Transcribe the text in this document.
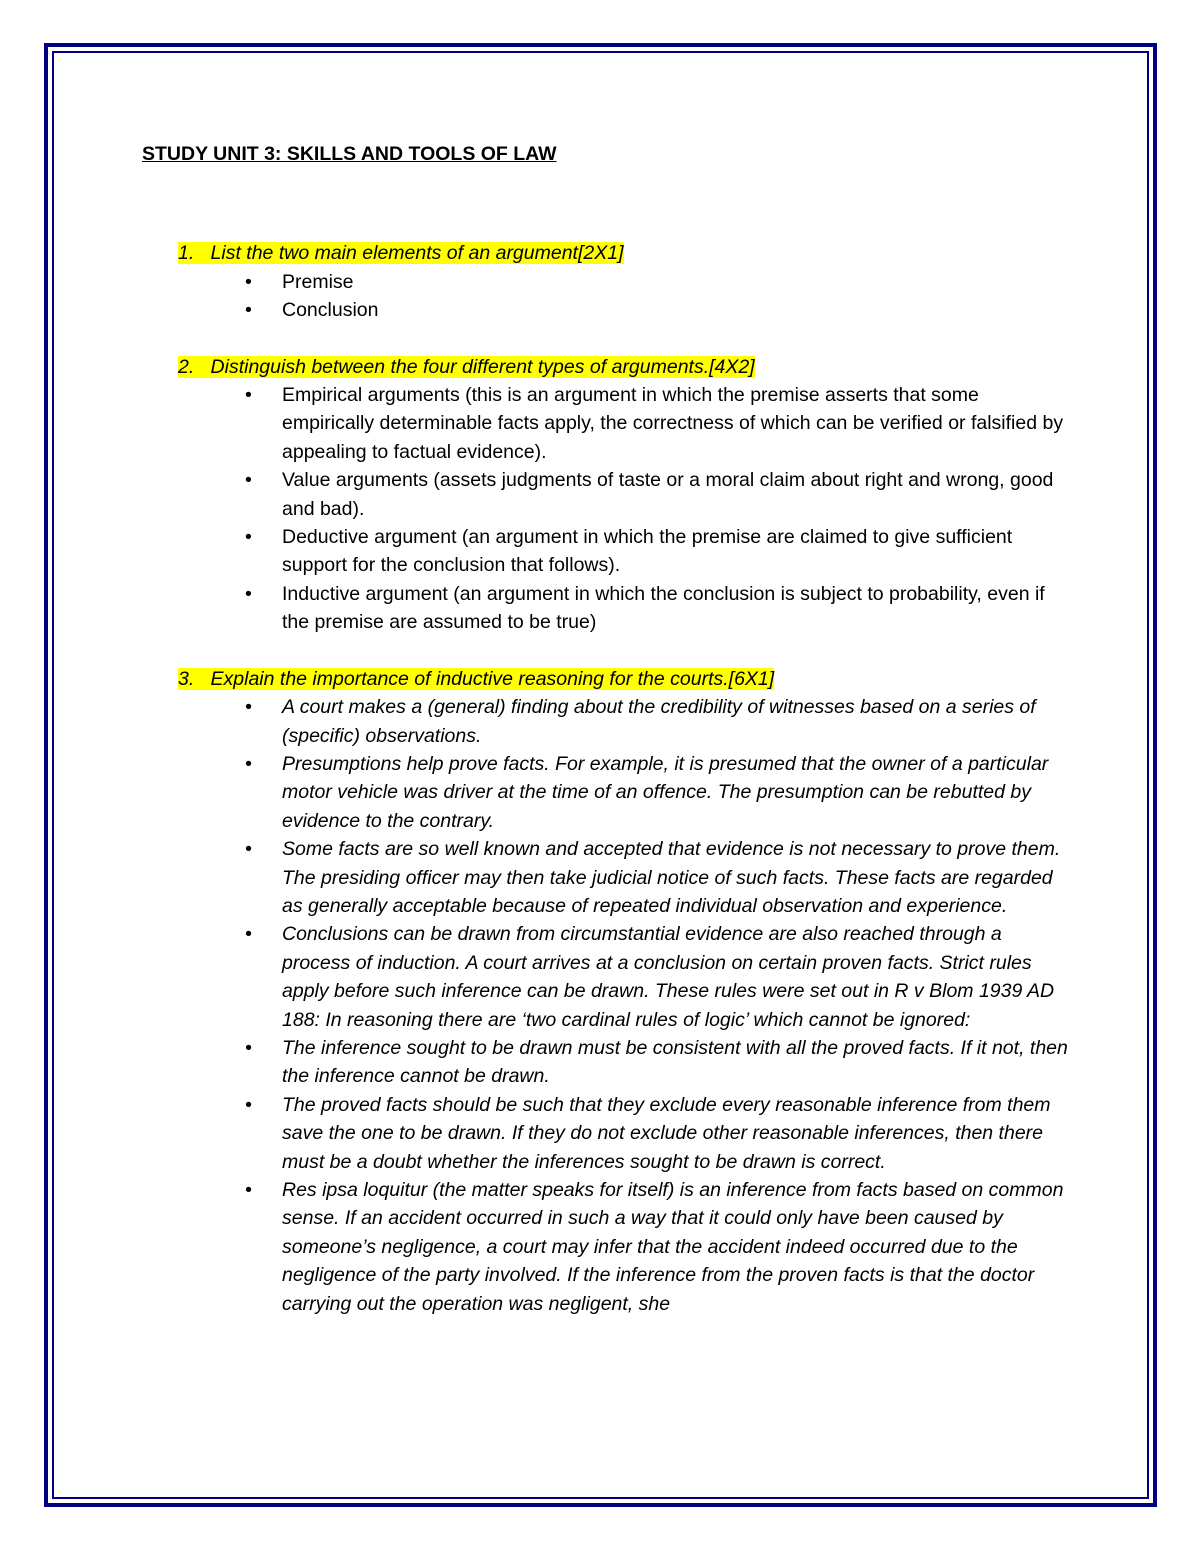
STUDY UNIT 3: SKILLS AND TOOLS OF LAW

1. List the two main elements of an argument[2X1]
• Premise
• Conclusion
2. Distinguish between the four different types of arguments.[4X2]
• Empirical arguments (this is an argument in which the premise asserts that some empirically determinable facts apply, the correctness of which can be verified or falsified by appealing to factual evidence).
• Value arguments (assets judgments of taste or a moral claim about right and wrong, good and bad).
• Deductive argument (an argument in which the premise are claimed to give sufficient support for the conclusion that follows).
• Inductive argument (an argument in which the conclusion is subject to probability, even if the premise are assumed to be true)
3. Explain the importance of inductive reasoning for the courts.[6X1]
• A court makes a (general) finding about the credibility of witnesses based on a series of (specific) observations.
• Presumptions help prove facts. For example, it is presumed that the owner of a particular motor vehicle was driver at the time of an offence. The presumption can be rebutted by evidence to the contrary.
• Some facts are so well known and accepted that evidence is not necessary to prove them. The presiding officer may then take judicial notice of such facts. These facts are regarded as generally acceptable because of repeated individual observation and experience.
• Conclusions can be drawn from circumstantial evidence are also reached through a process of induction. A court arrives at a conclusion on certain proven facts. Strict rules apply before such inference can be drawn. These rules were set out in R v Blom 1939 AD 188: In reasoning there are ‘two cardinal rules of logic’ which cannot be ignored:
• The inference sought to be drawn must be consistent with all the proved facts. If it not, then the inference cannot be drawn.
• The proved facts should be such that they exclude every reasonable inference from them save the one to be drawn. If they do not exclude other reasonable inferences, then there must be a doubt whether the inferences sought to be drawn is correct.
• Res ipsa loquitur (the matter speaks for itself) is an inference from facts based on common sense. If an accident occurred in such a way that it could only have been caused by someone’s negligence, a court may infer that the accident indeed occurred due to the negligence of the party involved. If the inference from the proven facts is that the doctor carrying out the operation was negligent, she
